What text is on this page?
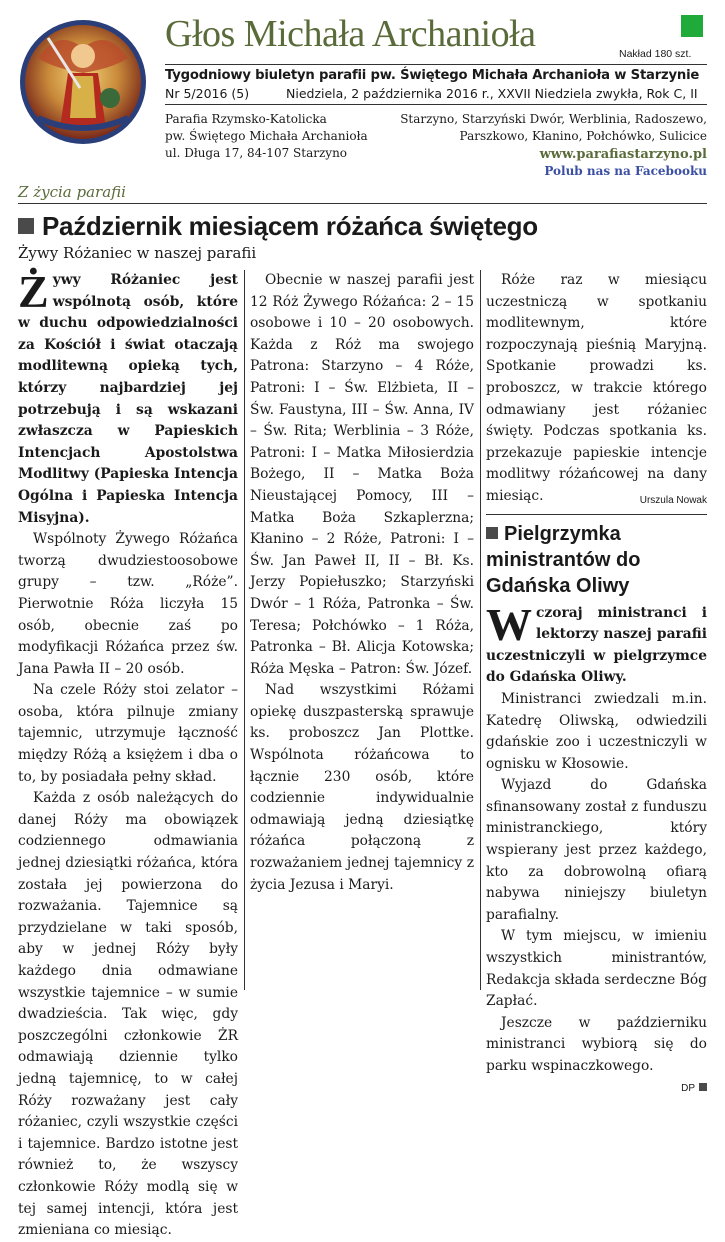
Głos Michała Archanioła	Nakład 180 szt.
Tygodniowy biuletyn parafii pw. Świętego Michała Archanioła w Starzynie
Nr 5/2016 (5)	Niedziela, 2 października 2016 r., XXVII Niedziela zwykła, Rok C, II
Parafia Rzymsko-Katolicka
pw. Świętego Michała Archanioła
ul. Długa 17, 84-107 Starzyno
Starzyno, Starzyński Dwór, Werblinia, Radoszewo,
Parszkowo, Kłanino, Połchówko, Sulicice
www.parafiastarzyno.pl
Polub nas na Facebooku
Z życia parafii
Październik miesiącem różańca świętego
Żywy Różaniec w naszej parafii

Żywy Różaniec jest wspólnotą osób, które w duchu odpowiedzialności za Kościół i świat otaczają modlitewną opieką tych, którzy najbardziej jej potrzebują i są wskazani zwłaszcza w Papieskich Intencjach Apostolstwa Modlitwy (Papieska Intencja Ogólna i Papieska Intencja Misyjna).

Wspólnoty Żywego Różańca tworzą dwudziestoosobowe grupy – tzw. „Róże”. Pierwotnie Róża liczyła 15 osób, obecnie zaś po modyfikacji Różańca przez św. Jana Pawła II – 20 osób.

Na czele Róży stoi zelator – osoba, która pilnuje zmiany tajemnic, utrzymuje łączność między Różą a księżem i dba o to, by posiadała pełny skład.

Każda z osób należących do danej Róży ma obowiązek codziennego odmawiania jednej dziesiątki różańca, która została jej powierzona do rozważania. Tajemnice są przydzielane w taki sposób, aby w jednej Róży były każdego dnia odmawiane wszystkie tajemnice – w sumie dwadzieścia. Tak więc, gdy poszczególni członkowie ŻR odmawiają dziennie tylko jedną tajemnicę, to w całej Róży rozważany jest cały różaniec, czyli wszystkie części i tajemnice. Bardzo istotne jest również to, że wszyscy członkowie Róży modlą się w tej samej intencji, która jest zmieniana co miesiąc.

Obecnie w naszej parafii jest 12 Róż Żywego Różańca: 2 – 15 osobowe i 10 – 20 osobowych. Każda z Róż ma swojego Patrona: Starzyno – 4 Róże, Patroni: I – Św. Elżbieta, II – Św. Faustyna, III – Św. Anna, IV – Św. Rita; Werblinia – 3 Róże, Patroni: I – Matka Miłosierdzia Bożego, II – Matka Boża Nieustającej Pomocy, III – Matka Boża Szkaplerzna; Kłanino – 2 Róże, Patroni: I – Św. Jan Paweł II, II – Bł. Ks. Jerzy Popiełuszko; Starzyński Dwór – 1 Róża, Patronka – Św. Teresa; Połchówko – 1 Róża, Patronka – Bł. Alicja Kotowska; Róża Męska – Patron: Św. Józef.

Nad wszystkimi Różami opiekę duszpasterską sprawuje ks. proboszcz Jan Plottke. Wspólnota różańcowa to łącznie 230 osób, które codziennie indywidualnie odmawiają jedną dziesiątkę różańca połączoną z rozważaniem jednej tajemnicy z życia Jezusa i Maryi.

Róże raz w miesiącu uczestniczą w spotkaniu modlitewnym, które rozpoczynają pieśnią Maryjną. Spotkanie prowadzi ks. proboszcz, w trakcie którego odmawiany jest różaniec święty. Podczas spotkania ks. przekazuje papieskie intencje modlitwy różańcowej na dany miesiąc.	Urszula Nowak

Pielgrzymka ministrantów do Gdańska Oliwy

Wczoraj ministranci i lektorzy naszej parafii uczestniczyli w pielgrzymce do Gdańska Oliwy.

Ministranci zwiedzali m.in. Katedrę Oliwską, odwiedzili gdańskie zoo i uczestniczyli w ognisku w Kłosowie.

Wyjazd do Gdańska sfinansowany został z funduszu ministranckiego, który wspierany jest przez każdego, kto za dobrowolną ofiarą nabywa niniejszy biuletyn parafialny.

W tym miejscu, w imieniu wszystkich ministrantów, Redakcja składa serdeczne Bóg Zapłać.

Jeszcze w październiku ministranci wybiorą się do parku wspinaczkowego.

DP
